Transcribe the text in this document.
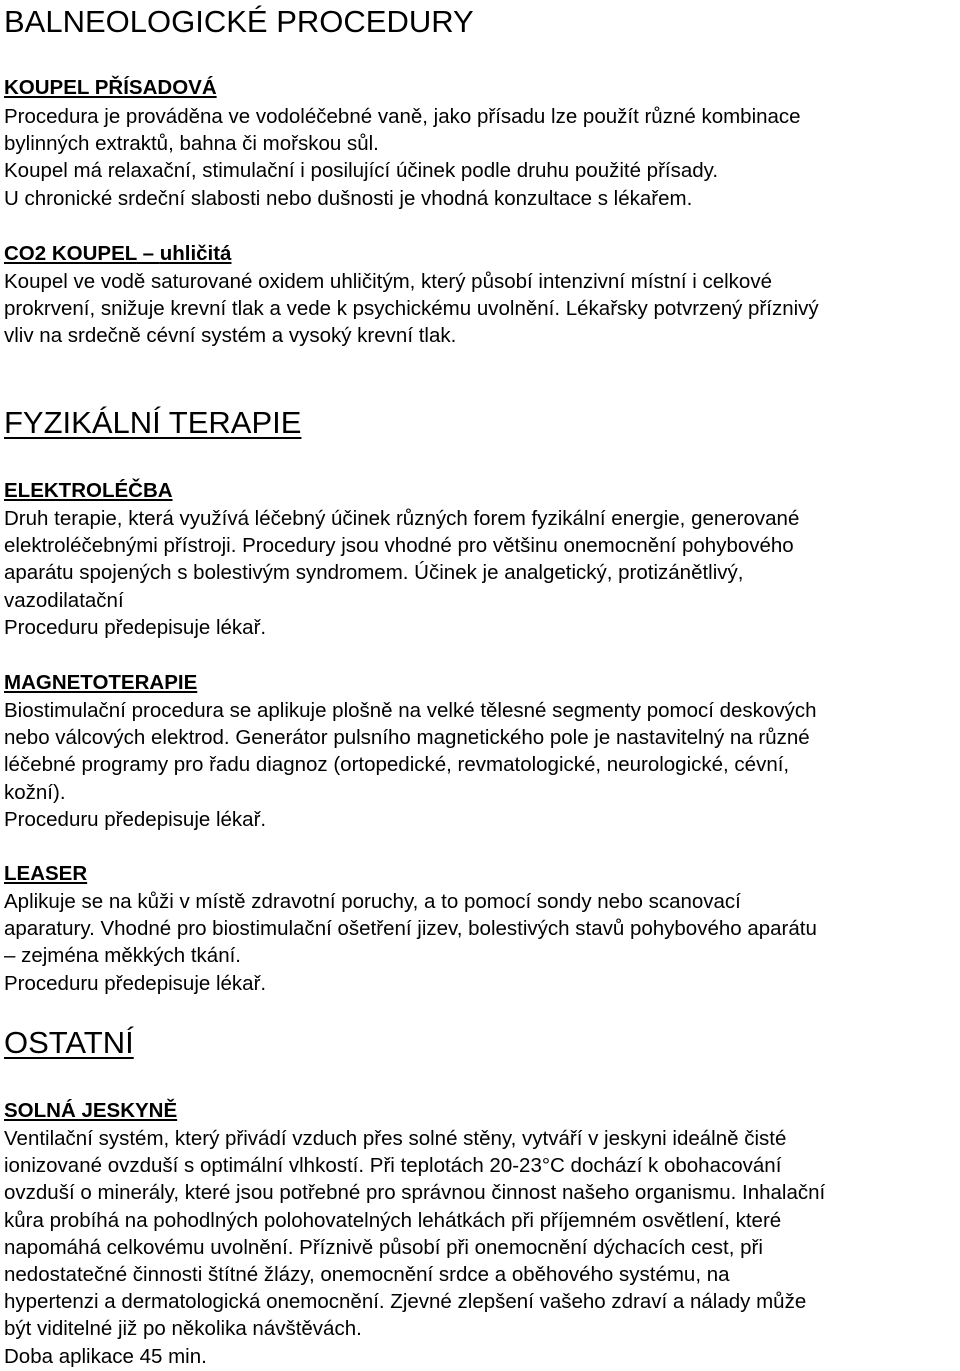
BALNEOLOGICKÉ PROCEDURY
KOUPEL PŘÍSADOVÁ
Procedura je prováděna ve vodoléčebné vaně, jako přísadu lze použít různé kombinace
bylinných extraktů, bahna či mořskou sůl.
Koupel má relaxační, stimulační i posilující účinek podle druhu použité přísady.
U chronické srdeční slabosti nebo dušnosti je vhodná konzultace s lékařem.
CO2 KOUPEL – uhličitá
Koupel ve vodě saturované oxidem uhličitým, který působí intenzivní místní i celkové
prokrvení, snižuje krevní tlak a vede k psychickému uvolnění. Lékařsky potvrzený příznivý
vliv na srdečně cévní systém a vysoký krevní tlak.
FYZIKÁLNÍ TERAPIE
ELEKTROLÉČBA
Druh terapie, která využívá léčebný účinek různých forem fyzikální energie, generované
elektroléčebnými přístroji. Procedury jsou vhodné pro většinu onemocnění pohybového
aparátu spojených s bolestivým syndromem. Účinek je analgetický, protizánětlivý,
vazodilatační
Proceduru předepisuje lékař.
MAGNETOTERAPIE
Biostimulační procedura se aplikuje plošně na velké tělesné segmenty pomocí deskových
nebo válcových elektrod. Generátor pulsního magnetického pole je nastavitelný na různé
léčebné programy pro řadu diagnoz (ortopedické, revmatologické, neurologické, cévní,
kožní).
Proceduru předepisuje lékař.
LEASER
Aplikuje se na kůži v místě zdravotní poruchy, a to pomocí sondy nebo scanovací
aparatury. Vhodné pro biostimulační ošetření jizev, bolestivých stavů pohybového aparátu
– zejména měkkých tkání.
Proceduru předepisuje lékař.
OSTATNÍ
SOLNÁ JESKYNĚ
Ventilační systém, který přivádí vzduch přes solné stěny, vytváří v jeskyni ideálně čisté
ionizované ovzduší s optimální vlhkostí. Při teplotách 20-23°C dochází k obohacování
ovzduší o minerály, které jsou potřebné pro správnou činnost našeho organismu. Inhalační
kůra probíhá na pohodlných polohovatelných lehátkách při příjemném osvětlení, které
napomáhá celkovému uvolnění. Příznivě působí při onemocnění dýchacích cest, při
nedostatečné činnosti štítné žlázy, onemocnění srdce a oběhového systému, na
hypertenzi a dermatologická onemocnění. Zjevné zlepšení vašeho zdraví a nálady může
být viditelné již po několika návštěvách.
Doba aplikace 45 min.
